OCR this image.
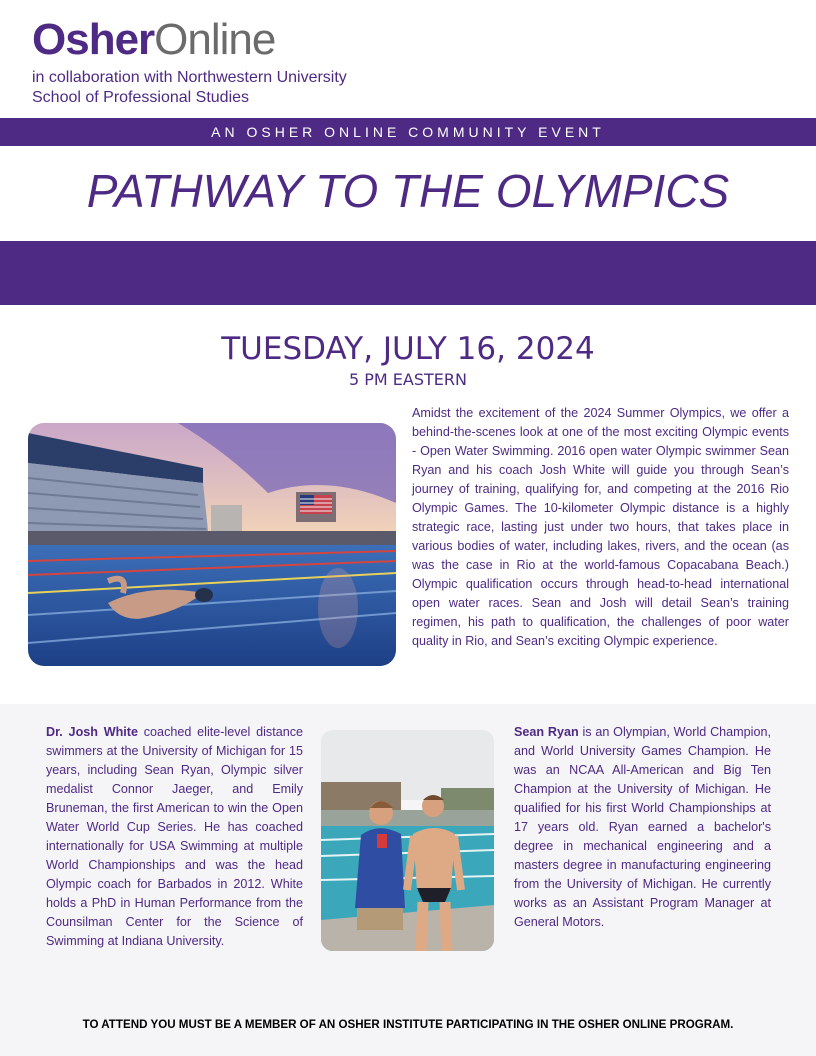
OsherOnline
in collaboration with Northwestern University
School of Professional Studies
AN OSHER ONLINE COMMUNITY EVENT
PATHWAY TO THE OLYMPICS
TUESDAY, JULY 16, 2024
5 PM EASTERN
Amidst the excitement of the 2024 Summer Olympics, we offer a behind-the-scenes look at one of the most exciting Olympic events - Open Water Swimming. 2016 open water Olympic swimmer Sean Ryan and his coach Josh White will guide you through Sean’s journey of training, qualifying for, and competing at the 2016 Rio Olympic Games. The 10-kilometer Olympic distance is a highly strategic race, lasting just under two hours, that takes place in various bodies of water, including lakes, rivers, and the ocean (as was the case in Rio at the world-famous Copacabana Beach.) Olympic qualification occurs through head-to-head international open water races. Sean and Josh will detail Sean’s training regimen, his path to qualification, the challenges of poor water quality in Rio, and Sean’s exciting Olympic experience.
Dr. Josh White coached elite-level distance swimmers at the University of Michigan for 15 years, including Sean Ryan, Olympic silver medalist Connor Jaeger, and Emily Bruneman, the first American to win the Open Water World Cup Series. He has coached internationally for USA Swimming at multiple World Championships and was the head Olympic coach for Barbados in 2012. White holds a PhD in Human Performance from the Counsilman Center for the Science of Swimming at Indiana University.
Sean Ryan is an Olympian, World Champion, and World University Games Champion. He was an NCAA All-American and Big Ten Champion at the University of Michigan. He qualified for his first World Championships at 17 years old. Ryan earned a bachelor's degree in mechanical engineering and a masters degree in manufacturing engineering from the University of Michigan. He currently works as an Assistant Program Manager at General Motors.
TO ATTEND YOU MUST BE A MEMBER OF AN OSHER INSTITUTE PARTICIPATING IN THE OSHER ONLINE PROGRAM.
